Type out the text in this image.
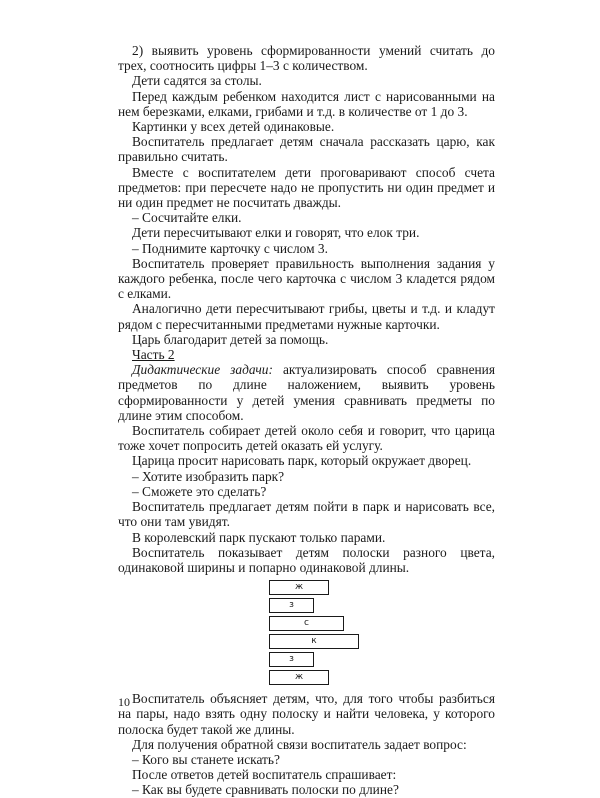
2) выявить уровень сформированности умений считать до трех, соотносить цифры 1–3 с количеством.

Дети садятся за столы.

Перед каждым ребенком находится лист с нарисованными на нем березками, елками, грибами и т.д. в количестве от 1 до 3.

Картинки у всех детей одинаковые.

Воспитатель предлагает детям сначала рассказать царю, как правильно считать.

Вместе с воспитателем дети проговаривают способ счета предметов: при пересчете надо не пропустить ни один предмет и ни один предмет не посчитать дважды.

– Сосчитайте елки.

Дети пересчитывают елки и говорят, что елок три.

– Поднимите карточку с числом 3.

Воспитатель проверяет правильность выполнения задания у каждого ребенка, после чего карточка с числом 3 кладется рядом с елками.

Аналогично дети пересчитывают грибы, цветы и т.д. и кладут рядом с пересчитанными предметами нужные карточки.

Царь благодарит детей за помощь.

Часть 2

Дидактические задачи: актуализировать способ сравнения предметов по длине наложением, выявить уровень сформированности у детей умения сравнивать предметы по длине этим способом.

Воспитатель собирает детей около себя и говорит, что царица тоже хочет попросить детей оказать ей услугу.

Царица просит нарисовать парк, который окружает дворец.

– Хотите изобразить парк?

– Сможете это сделать?

Воспитатель предлагает детям пойти в парк и нарисовать все, что они там увидят.

В королевский парк пускают только парами.

Воспитатель показывает детям полоски разного цвета, одинаковой ширины и попарно одинаковой длины.

ж
з
с
к
з
ж

Воспитатель объясняет детям, что, для того чтобы разбиться на пары, надо взять одну полоску и найти человека, у которого полоска будет такой же длины.

Для получения обратной связи воспитатель задает вопрос:

– Кого вы станете искать?

После ответов детей воспитатель спрашивает:

– Как вы будете сравнивать полоски по длине?

10
